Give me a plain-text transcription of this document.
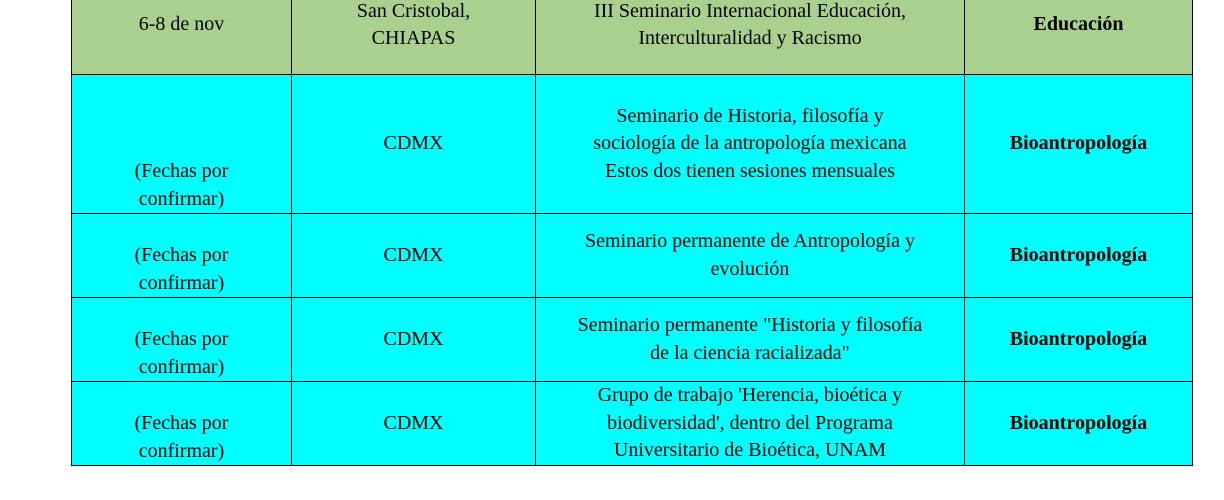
6-8 de nov	San Cristobal,
CHIAPAS	III Seminario Internacional Educación,
Interculturalidad y Racismo	Educación

(Fechas por
confirmar)	CDMX	Seminario de Historia, filosofía y
sociología de la antropología mexicana
Estos dos tienen sesiones mensuales	Bioantropología

(Fechas por
confirmar)	CDMX	Seminario permanente de Antropología y
evolución	Bioantropología

(Fechas por
confirmar)	CDMX	Seminario permanente "Historia y filosofía
de la ciencia racializada"	Bioantropología

(Fechas por
confirmar)	CDMX	Grupo de trabajo 'Herencia, bioética y
biodiversidad', dentro del Programa
Universitario de Bioética, UNAM	Bioantropología
